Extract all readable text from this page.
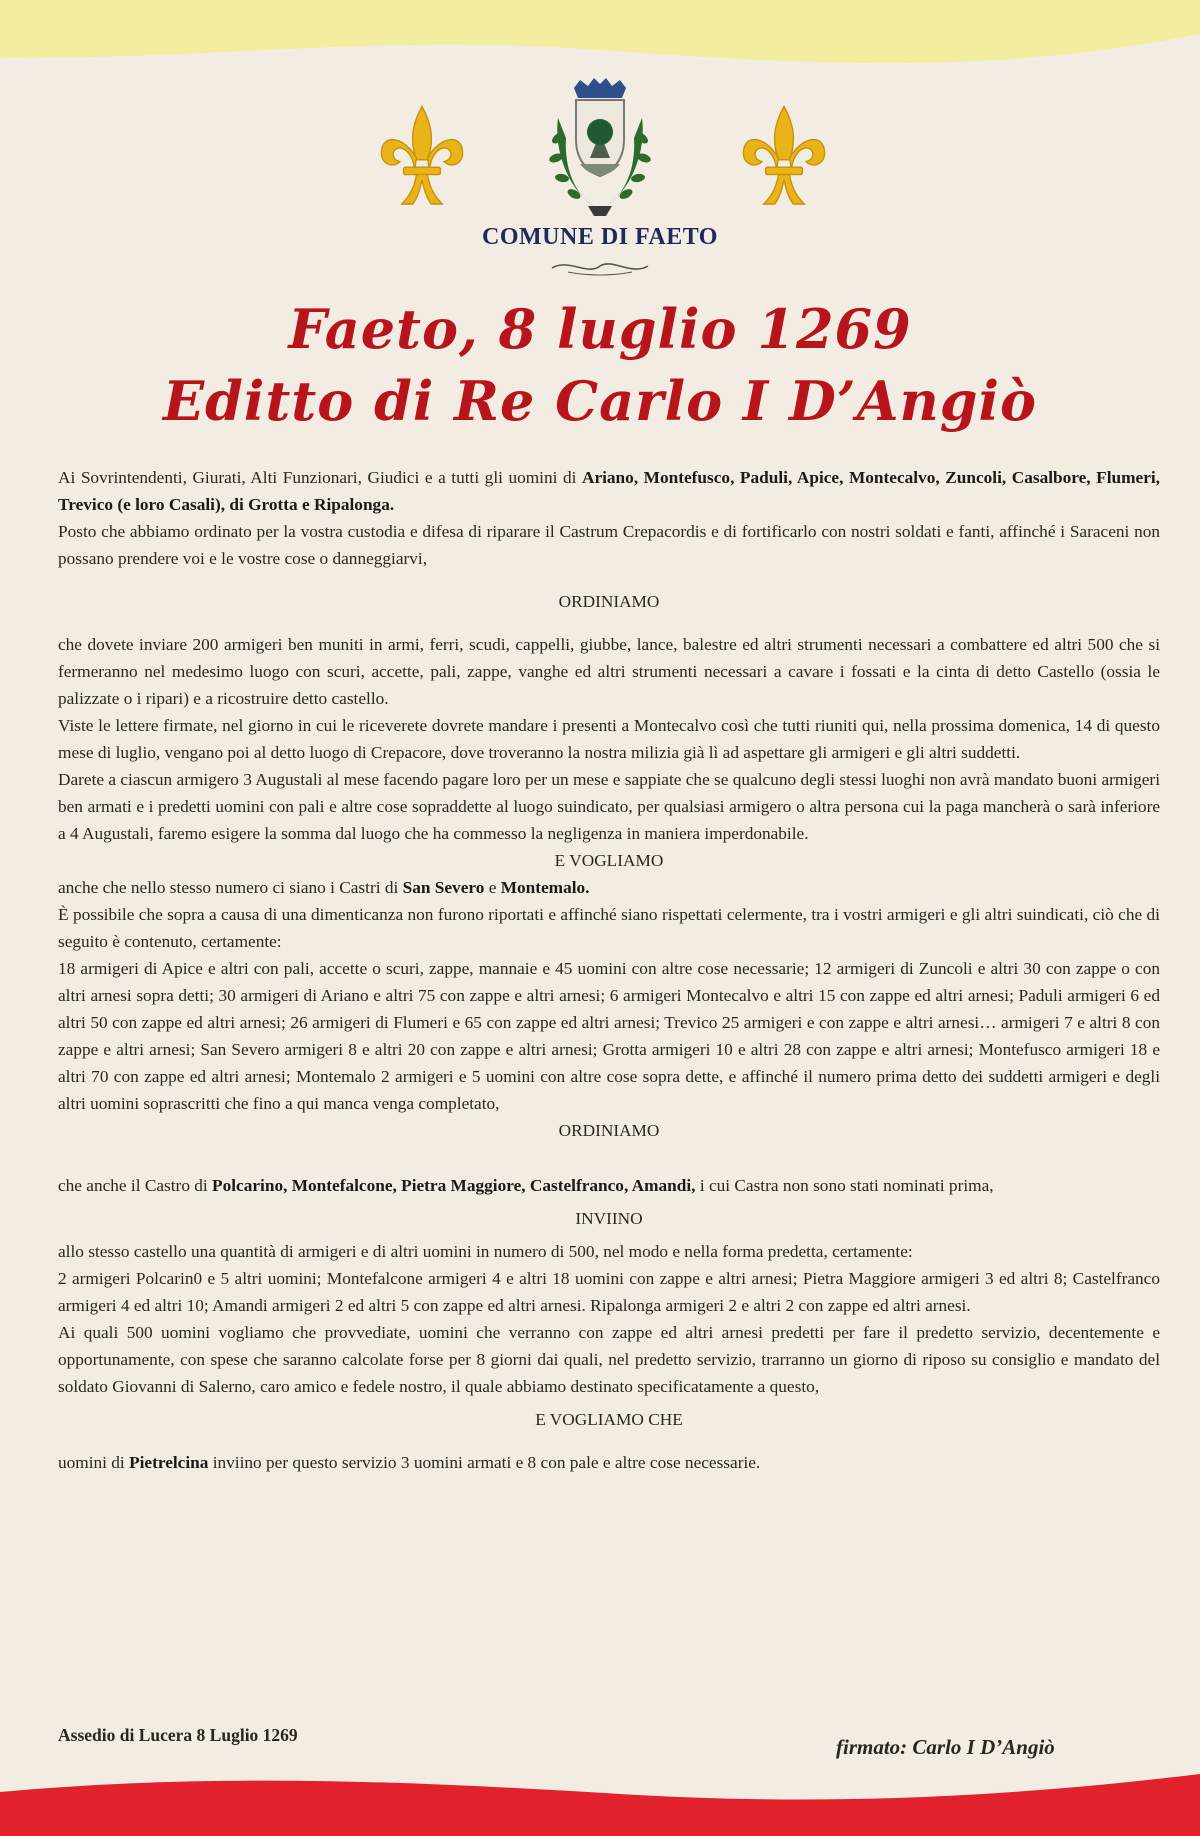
COMUNE DI FAETO
Faeto, 8 luglio 1269
Editto di Re Carlo I D’Angiò

Ai Sovrintendenti, Giurati, Alti Funzionari, Giudici e a tutti gli uomini di Ariano, Montefusco, Paduli, Apice, Montecalvo, Zuncoli, Casalbore, Flumeri, Trevico (e loro Casali), di Grotta e Ripalonga.

Posto che abbiamo ordinato per la vostra custodia e difesa di riparare il Castrum Crepacordis e di fortificarlo con nostri soldati e fanti, affinché i Saraceni non possano prendere voi e le vostre cose o danneggiarvi,

ORDINIAMO

che dovete inviare 200 armigeri ben muniti in armi, ferri, scudi, cappelli, giubbe, lance, balestre ed altri strumenti necessari a combattere ed altri 500 che si fermeranno nel medesimo luogo con scuri, accette, pali, zappe, vanghe ed altri strumenti necessari a cavare i fossati e la cinta di detto Castello (ossia le palizzate o i ripari) e a ricostruire detto castello.

Viste le lettere firmate, nel giorno in cui le riceverete dovrete mandare i presenti a Montecalvo così che tutti riuniti qui, nella prossima domenica, 14 di questo mese di luglio, vengano poi al detto luogo di Crepacore, dove troveranno la nostra milizia già lì ad aspettare gli armigeri e gli altri suddetti.

Darete a ciascun armigero 3 Augustali al mese facendo pagare loro per un mese e sappiate che se qualcuno degli stessi luoghi non avrà mandato buoni armigeri ben armati e i predetti uomini con pali e altre cose sopraddette al luogo suindicato, per qualsiasi armigero o altra persona cui la paga mancherà o sarà inferiore a 4 Augustali, faremo esigere la somma dal luogo che ha commesso la negligenza in maniera imperdonabile.

E VOGLIAMO

anche che nello stesso numero ci siano i Castri di San Severo e Montemalo.

È possibile che sopra a causa di una dimenticanza non furono riportati e affinché siano rispettati celermente, tra i vostri armigeri e gli altri suindicati, ciò che di seguito è contenuto, certamente:

18 armigeri di Apice e altri con pali, accette o scuri, zappe, mannaie e 45 uomini con altre cose necessarie; 12 armigeri di Zuncoli e altri 30 con zappe o con altri arnesi sopra detti; 30 armigeri di Ariano e altri 75 con zappe e altri arnesi; 6 armigeri Montecalvo e altri 15 con zappe ed altri arnesi; Paduli armigeri 6 ed altri 50 con zappe ed altri arnesi; 26 armigeri di Flumeri e 65 con zappe ed altri arnesi; Trevico 25 armigeri e con zappe e altri arnesi… armigeri 7 e altri 8 con zappe e altri arnesi; San Severo armigeri 8 e altri 20 con zappe e altri arnesi; Grotta armigeri 10 e altri 28 con zappe e altri arnesi; Montefusco armigeri 18 e altri 70 con zappe ed altri arnesi; Montemalo 2 armigeri e 5 uomini con altre cose sopra dette, e affinché il numero prima detto dei suddetti armigeri e degli altri uomini soprascritti che fino a qui manca venga completato,

ORDINIAMO

che anche il Castro di Polcarino, Montefalcone, Pietra Maggiore, Castelfranco, Amandi, i cui Castra non sono stati nominati prima,

INVIINO

allo stesso castello una quantità di armigeri e di altri uomini in numero di 500, nel modo e nella forma predetta, certamente:

2 armigeri Polcarin0 e 5 altri uomini; Montefalcone armigeri 4 e altri 18 uomini con zappe e altri arnesi; Pietra Maggiore armigeri 3 ed altri 8; Castelfranco armigeri 4 ed altri 10; Amandi armigeri 2 ed altri 5 con zappe ed altri arnesi. Ripalonga armigeri 2 e altri 2 con zappe ed altri arnesi.

Ai quali 500 uomini vogliamo che provvediate, uomini che verranno con zappe ed altri arnesi predetti per fare il predetto servizio, decentemente e opportunamente, con spese che saranno calcolate forse per 8 giorni dai quali, nel predetto servizio, trarranno un giorno di riposo su consiglio e mandato del soldato Giovanni di Salerno, caro amico e fedele nostro, il quale abbiamo destinato specificatamente a questo,

E VOGLIAMO CHE

uomini di Pietrelcina inviino per questo servizio 3 uomini armati e 8 con pale e altre cose necessarie.

Assedio di Lucera 8 Luglio 1269	firmato: Carlo I D’Angiò
